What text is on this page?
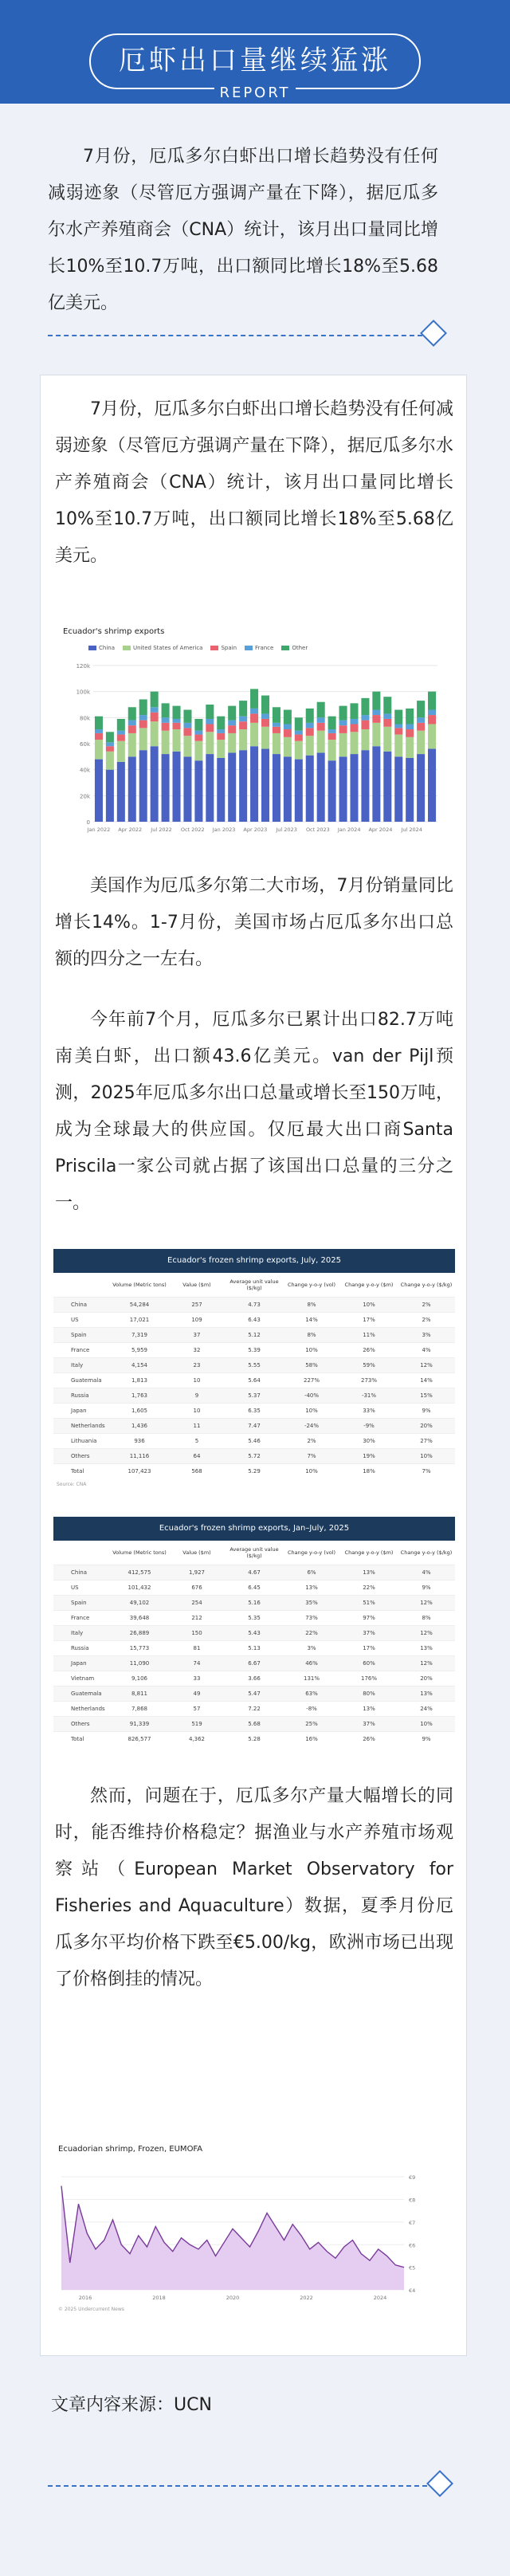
厄虾出口量继续猛涨
REPORT
7月份，厄瓜多尔白虾出口增长趋势没有任何减弱迹象（尽管厄方强调产量在下降），据厄瓜多尔水产养殖商会（CNA）统计，该月出口量同比增长10%至10.7万吨，出口额同比增长18%至5.68亿美元。
7月份，厄瓜多尔白虾出口增长趋势没有任何减弱迹象（尽管厄方强调产量在下降），据厄瓜多尔水产养殖商会（CNA）统计，该月出口量同比增长10%至10.7万吨，出口额同比增长18%至5.68亿美元。
Ecuador's shrimp exports
China	United States of America	Spain	France	Other
0
20k
40k
60k
80k
100k
120k
Jan 2022 Apr 2022 Jul 2022 Oct 2022 Jan 2023 Apr 2023 Jul 2023 Oct 2023 Jan 2024 Apr 2024 Jul 2024
美国作为厄瓜多尔第二大市场，7月份销量同比增长14%。1-7月份，美国市场占厄瓜多尔出口总额的四分之一左右。
今年前7个月，厄瓜多尔已累计出口82.7万吨南美白虾，出口额43.6亿美元。van der Pijl预测，2025年厄瓜多尔出口总量或增长至150万吨，成为全球最大的供应国。仅厄最大出口商Santa Priscila一家公司就占据了该国出口总量的三分之一。
Ecuador's frozen shrimp exports, July, 2025
	Volume (Metric tons)	Value ($m)	Average unit value ($/kg)	Change y-o-y (vol)	Change y-o-y ($m)	Change y-o-y ($/kg)
China	54,284	257	4.73	8%	10%	2%
US	17,021	109	6.43	14%	17%	2%
Spain	7,319	37	5.12	8%	11%	3%
France	5,959	32	5.39	10%	26%	4%
Italy	4,154	23	5.55	58%	59%	12%
Guatemala	1,813	10	5.64	227%	273%	14%
Russia	1,763	9	5.37	-40%	-31%	15%
Japan	1,605	10	6.35	10%	33%	9%
Netherlands	1,436	11	7.47	-24%	-9%	20%
Lithuania	936	5	5.46	2%	30%	27%
Others	11,116	64	5.72	7%	19%	10%
Total	107,423	568	5.29	10%	18%	7%
Source: CNA
Ecuador's frozen shrimp exports, Jan–July, 2025
	Volume (Metric tons)	Value ($m)	Average unit value ($/kg)	Change y-o-y (vol)	Change y-o-y ($m)	Change y-o-y ($/kg)
China	412,575	1,927	4.67	6%	13%	4%
US	101,432	676	6.45	13%	22%	9%
Spain	49,102	254	5.16	35%	51%	12%
France	39,648	212	5.35	73%	97%	8%
Italy	26,889	150	5.43	22%	37%	12%
Russia	15,773	81	5.13	3%	17%	13%
Japan	11,090	74	6.67	46%	60%	12%
Vietnam	9,106	33	3.66	131%	176%	20%
Guatemala	8,811	49	5.47	63%	80%	13%
Netherlands	7,868	57	7.22	-8%	13%	24%
Others	91,339	519	5.68	25%	37%	10%
Total	826,577	4,362	5.28	16%	26%	9%
然而，问题在于，厄瓜多尔产量大幅增长的同时，能否维持价格稳定？据渔业与水产养殖市场观察站（European Market Observatory for Fisheries and Aquaculture）数据，夏季月份厄瓜多尔平均价格下跌至€5.00/kg，欧洲市场已出现了价格倒挂的情况。
Ecuadorian shrimp, Frozen, EUMOFA
€4
€5
€6
€7
€8
€9
2016	2018	2020	2022	2024
© 2025 Undercurrent News
文章内容来源：UCN
